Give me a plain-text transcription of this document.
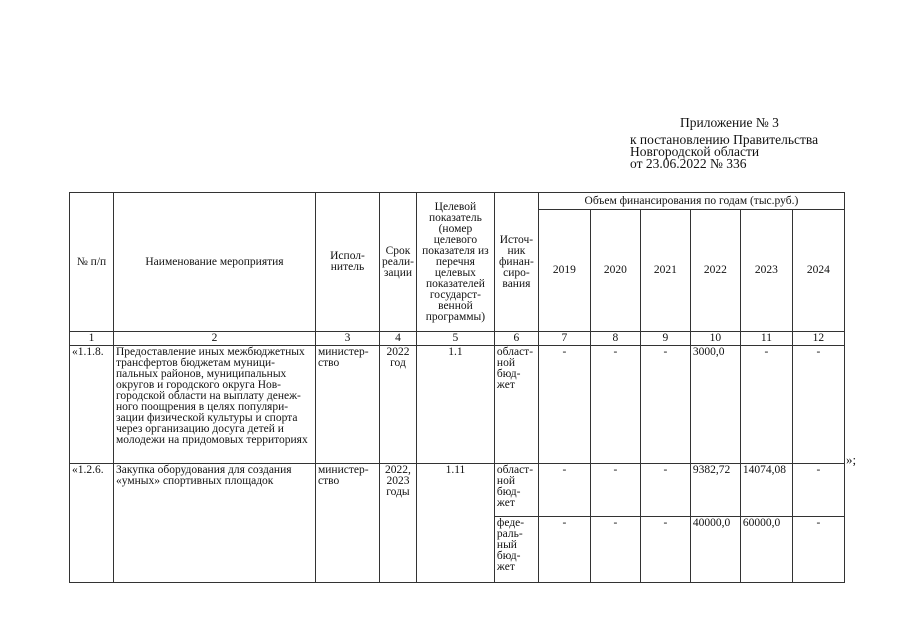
Приложение № 3
к постановлению Правительства
Новгородской области
от 23.06.2022 № 336
№ п/п	Наименование мероприятия	Испол-нитель	Срок реали-зации	Целевой показатель (номер целевого показателя из перечня целевых показателей государст-венной программы)	Источ-ник финан-сиро-вания	Объем финансирования по годам (тыс.руб.)					
						2019	2020	2021	2022	2023	2024
1	2	3	4	5	6	7	8	9	10	11	12
«1.1.8.	Предоставление иных межбюджетных трансфертов бюджетам муници-пальных районов, муниципальных округов и городского округа Нов-городской области на выплату денеж-ного поощрения в целях популяри-зации физической культуры и спорта через организацию досуга детей и молодежи на придомовых территориях	министер-ство	2022 год	1.1	област-ной бюд-жет	-	-	-	3000,0	-	-
«1.2.6.	Закупка оборудования для создания «умных» спортивных площадок	министер-ство	2022, 2023 годы	1.11	област-ной бюд-жет	-	-	-	9382,72	14074,08	-
					феде-раль-ный бюд-жет	-	-	-	40000,0	60000,0	-
»;
